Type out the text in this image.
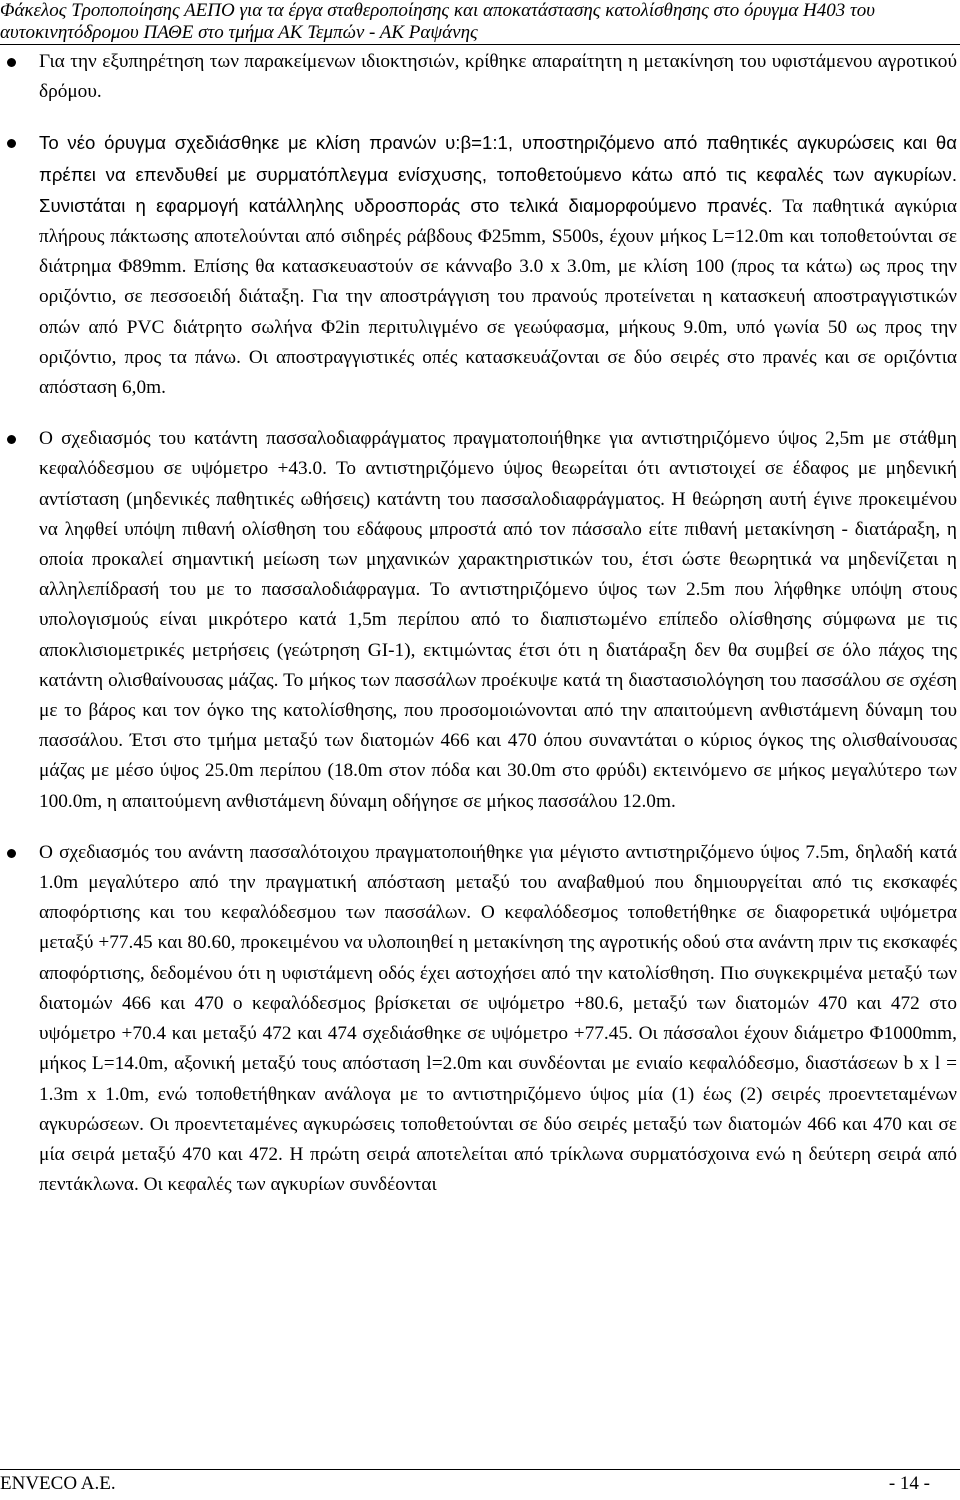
Φάκελος Τροποποίησης ΑΕΠΟ για τα έργα σταθεροποίησης και αποκατάστασης κατολίσθησης στο όρυγμα Η403 του
αυτοκινητόδρομου ΠΑΘΕ στο τμήμα ΑΚ Τεμπών - ΑΚ Ραψάνης
Για την εξυπηρέτηση των παρακείμενων ιδιοκτησιών, κρίθηκε απαραίτητη η μετακίνηση του υφιστάμενου αγροτικού δρόμου.
Το νέο όρυγμα σχεδιάσθηκε με κλίση πρανών υ:β=1:1, υποστηριζόμενο από παθητικές αγκυρώσεις και θα πρέπει να επενδυθεί με συρματόπλεγμα ενίσχυσης, τοποθετούμενο κάτω από τις κεφαλές των αγκυρίων. Συνιστάται η εφαρμογή κατάλληλης υδροσποράς στο τελικά διαμορφούμενο πρανές. Τα παθητικά αγκύρια πλήρους πάκτωσης αποτελούνται από σιδηρές ράβδους Φ25mm, S500s, έχουν μήκος L=12.0m και τοποθετούνται σε διάτρημα Φ89mm. Επίσης θα κατασκευαστούν σε κάνναβο 3.0 x 3.0m, με κλίση 100 (προς τα κάτω) ως προς την οριζόντιο, σε πεσσοειδή διάταξη. Για την αποστράγγιση του πρανούς προτείνεται η κατασκευή αποστραγγιστικών οπών από PVC διάτρητο σωλήνα Φ2in περιτυλιγμένο σε γεωύφασμα, μήκους 9.0m, υπό γωνία 50 ως προς την οριζόντιο, προς τα πάνω. Οι αποστραγγιστικές οπές κατασκευάζονται σε δύο σειρές στο πρανές και σε οριζόντια απόσταση 6,0m.
Ο σχεδιασμός του κατάντη πασσαλοδιαφράγματος πραγματοποιήθηκε για αντιστηριζόμενο ύψος 2,5m με στάθμη κεφαλόδεσμου σε υψόμετρο +43.0. Το αντιστηριζόμενο ύψος θεωρείται ότι αντιστοιχεί σε έδαφος με μηδενική αντίσταση (μηδενικές παθητικές ωθήσεις) κατάντη του πασσαλοδιαφράγματος. Η θεώρηση αυτή έγινε προκειμένου να ληφθεί υπόψη πιθανή ολίσθηση του εδάφους μπροστά από τον πάσσαλο είτε πιθανή μετακίνηση - διατάραξη, η οποία προκαλεί σημαντική μείωση των μηχανικών χαρακτηριστικών του, έτσι ώστε θεωρητικά να μηδενίζεται η αλληλεπίδρασή του με το πασσαλοδιάφραγμα. Το αντιστηριζόμενο ύψος των 2.5m που λήφθηκε υπόψη στους υπολογισμούς είναι μικρότερο κατά 1,5m περίπου από το διαπιστωμένο επίπεδο ολίσθησης σύμφωνα με τις αποκλισιομετρικές μετρήσεις (γεώτρηση GI-1), εκτιμώντας έτσι ότι η διατάραξη δεν θα συμβεί σε όλο πάχος της κατάντη ολισθαίνουσας μάζας. Το μήκος των πασσάλων προέκυψε κατά τη διαστασιολόγηση του πασσάλου σε σχέση με το βάρος και τον όγκο της κατολίσθησης, που προσομοιώνονται από την απαιτούμενη ανθιστάμενη δύναμη του πασσάλου. Έτσι στο τμήμα μεταξύ των διατομών 466 και 470 όπου συναντάται ο κύριος όγκος της ολισθαίνουσας μάζας με μέσο ύψος 25.0m περίπου (18.0m στον πόδα και 30.0m στο φρύδι) εκτεινόμενο σε μήκος μεγαλύτερο των 100.0m, η απαιτούμενη ανθιστάμενη δύναμη οδήγησε σε μήκος πασσάλου 12.0m.
Ο σχεδιασμός του ανάντη πασσαλότοιχου πραγματοποιήθηκε για μέγιστο αντιστηριζόμενο ύψος 7.5m, δηλαδή κατά 1.0m μεγαλύτερο από την πραγματική απόσταση μεταξύ του αναβαθμού που δημιουργείται από τις εκσκαφές αποφόρτισης και του κεφαλόδεσμου των πασσάλων. Ο κεφαλόδεσμος τοποθετήθηκε σε διαφορετικά υψόμετρα μεταξύ +77.45 και 80.60, προκειμένου να υλοποιηθεί η μετακίνηση της αγροτικής οδού στα ανάντη πριν τις εκσκαφές αποφόρτισης, δεδομένου ότι η υφιστάμενη οδός έχει αστοχήσει από την κατολίσθηση. Πιο συγκεκριμένα μεταξύ των διατομών 466 και 470 ο κεφαλόδεσμος βρίσκεται σε υψόμετρο +80.6, μεταξύ των διατομών 470 και 472 στο υψόμετρο +70.4 και μεταξύ 472 και 474 σχεδιάσθηκε σε υψόμετρο +77.45. Οι πάσσαλοι έχουν διάμετρο Φ1000mm, μήκος L=14.0m, αξονική μεταξύ τους απόσταση l=2.0m και συνδέονται με ενιαίο κεφαλόδεσμο, διαστάσεων b x l = 1.3m x 1.0m, ενώ τοποθετήθηκαν ανάλογα με το αντιστηριζόμενο ύψος μία (1) έως (2) σειρές προεντεταμένων αγκυρώσεων. Οι προεντεταμένες αγκυρώσεις τοποθετούνται σε δύο σειρές μεταξύ των διατομών 466 και 470 και σε μία σειρά μεταξύ 470 και 472. Η πρώτη σειρά αποτελείται από τρίκλωνα συρματόσχοινα ενώ η δεύτερη σειρά από πεντάκλωνα. Οι κεφαλές των αγκυρίων συνδέονται
ENVECO A.E.	- 14 -
